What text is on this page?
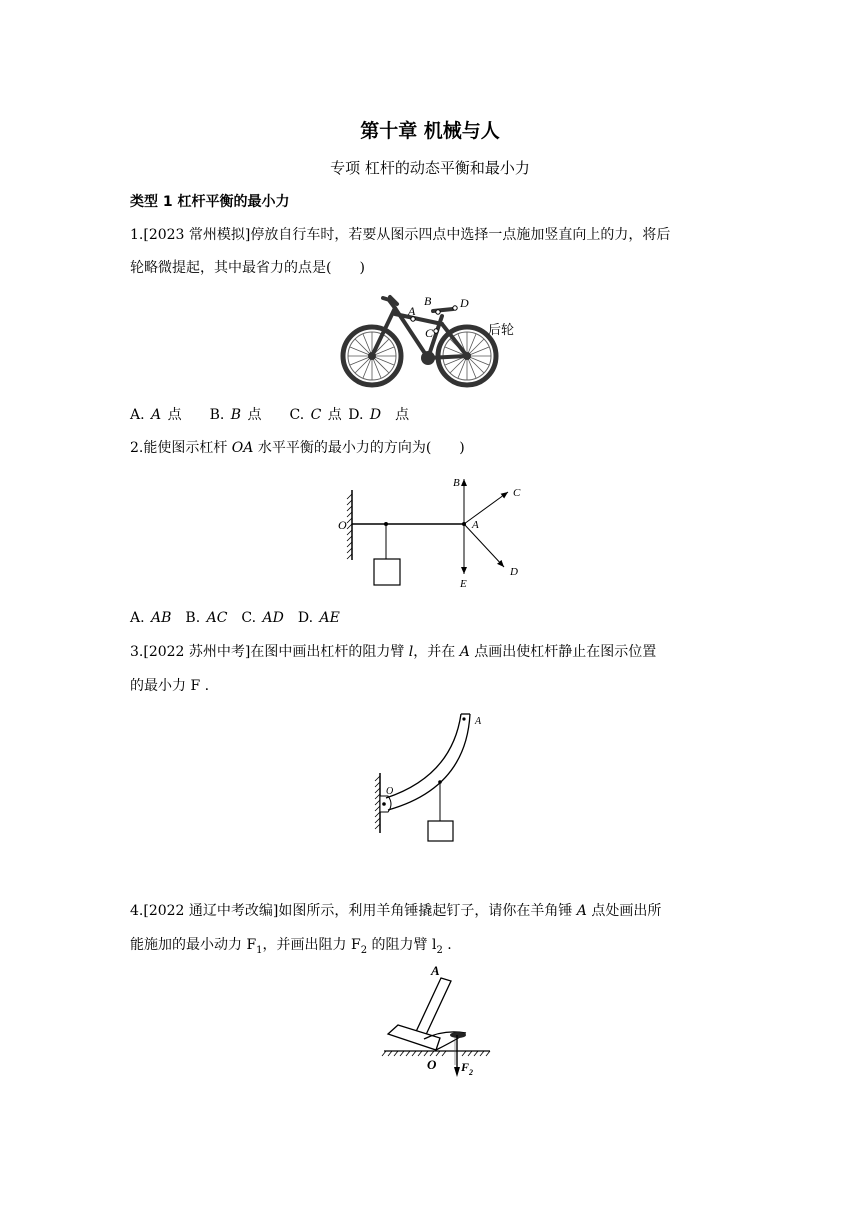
第十章 机械与人
专项 杠杆的动态平衡和最小力
类型 1 杠杆平衡的最小力
1.[2023 常州模拟]停放自行车时，若要从图示四点中选择一点施加竖直向上的力，将后
轮略微提起，其中最省力的点是(　　)
A
B
C
D
后轮
A. 𝐴 点　　B. 𝐵 点　　C. 𝐶 点 D. 𝐷　点
2.能使图示杠杆 𝑂𝐴 水平平衡的最小力的方向为(　　)
O	A
B
C
D
E
A. 𝐴𝐵　B. 𝐴𝐶　C. 𝐴𝐷　D. 𝐴𝐸
3.[2022 苏州中考]在图中画出杠杆的阻力臂 𝑙，并在 𝐴 点画出使杠杆静止在图示位置
的最小力 F .
O
A
4.[2022 通辽中考改编]如图所示，利用羊角锤撬起钉子，请你在羊角锤 𝐴 点处画出所
能施加的最小动力 $F_1$，并画出阻力 $F_2$ 的阻力臂 $l_2$ .
A
O $F_2$
